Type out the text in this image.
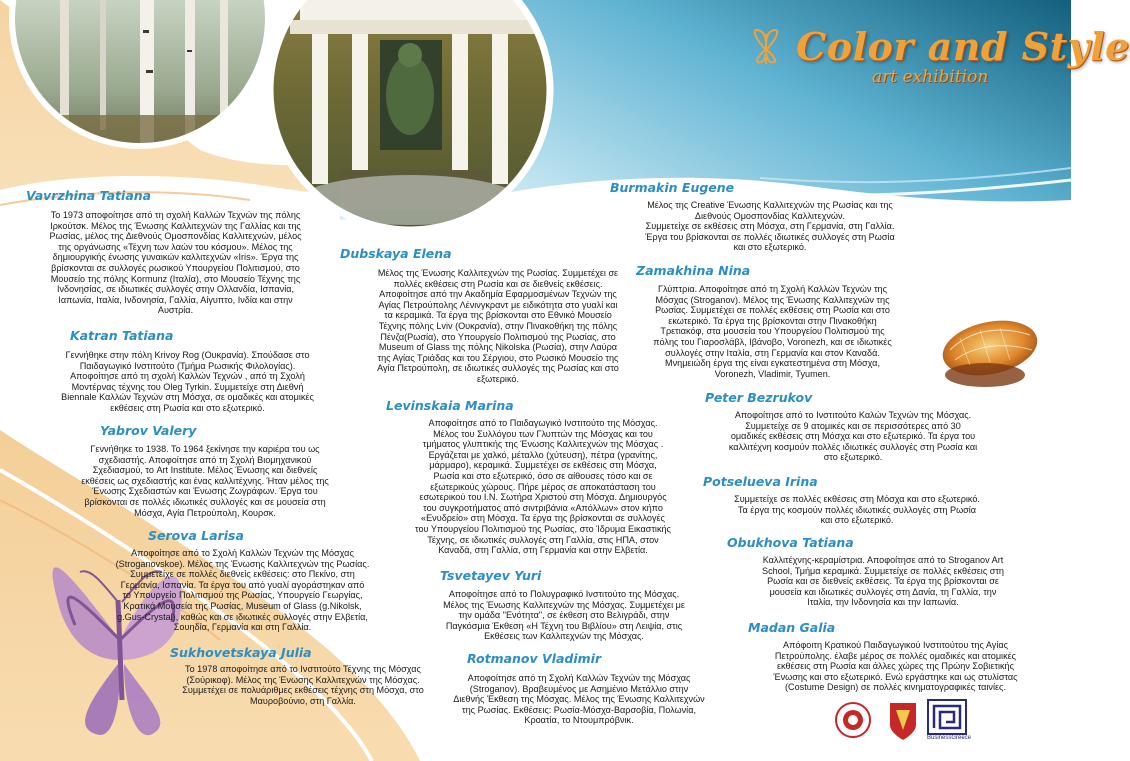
Color and Style
art exhibition
Vavrzhina Tatiana
Το 1973 αποφοίτησε από τη σχολή Καλλών Τεχνών της πόλης
Ιρκούτσκ. Μέλος της Ένωσης Καλλιτεχνών της Γαλλίας και της
Ρωσίας, μέλος της Διεθνούς Ομοσπονδίας Καλλιτεχνών, μέλος
της οργάνωσης «Τέχνη των λαών του κόσμου». Μέλος της
δημιουργικής ένωσης γυναικών καλλιτεχνών «Iris». Έργα της
βρίσκονται σε συλλογές ρωσικού Υπουργείου Πολιτισμού, στο
Μουσείο της πόλης Kormunz (Ιταλία), στο Μουσείο Τέχνης της
Ινδονησίας, σε ιδιωτικές συλλογές στην Ολλανδία, Ισπανία,
Ιαπωνία, Ιταλία, Ινδονησία, Γαλλία, Αίγυπτο, Ινδία και στην
Αυστρία.
Katran Tatiana
Γεννήθηκε στην πόλη Krivoy Rog (Ουκρανία). Σπούδασε στο
Παιδαγωγικό Ινστιτούτο (Τμήμα Ρωσικής Φιλολογίας).
Αποφοίτησε από τη σχολή Καλλών Τεχνών , από τη Σχολή
Μοντέρνας τέχνης του Oleg Tyrkin. Συμμετείχε στη Διεθνή
Biennale Καλλών Τεχνών στη Μόσχα, σε ομαδικές και ατομικές
εκθέσεις στη Ρωσία και στο εξωτερικό.
Yabrov Valery
Γεννήθηκε το 1938. Το 1964 ξεκίνησε την καριέρα του ως
σχεδιαστής. Αποφοίτησε από τη Σχολή Βιομηχανικού
Σχεδιασμού, το Art Institute. Μέλος Ένωσης και διεθνείς
εκθέσεις ως σχεδιαστής και ένας καλλιτέχνης. Ήταν μέλος της
Ένωσης Σχεδιαστών και Ένωσης Ζωγράφων. Έργα του
βρίσκονται σε πολλές ιδιωτικές συλλογές και σε μουσεία στη
Μόσχα, Αγία Πετρούπολη, Κουρσκ.
Serova Larisa
Αποφοίτησε από το Σχολή Καλλών Τεχνών της Μόσχας
(Stroganovskoe). Μέλος της Ένωσης Καλλιτεχνών της Ρωσίας.
Συμμετείχε σε πολλές διεθνείς εκθέσεις: στο Πεκίνο, στη
Γερμανία, Ισπανία. Τα έργα του από γυαλί αγοράστηκαν από
το Υπουργείο Πολιτισμού της Ρωσίας, Υπουργείο Γεωργίας,
Κρατικά Μουσεία της Ρωσίας, Museum of Glass (g.Nikolsk,
g.Gus-Crystal), καθώς και σε ιδιωτικές συλλογές στην Ελβετία,
Σουηδία, Γερμανία και στη Γαλλία.
Sukhovetskaya Julia
Το 1978 αποφοίτησε από το Ινστιτούτο Τέχνης της Μόσχας
(Σούρικοφ). Μέλος της Ένωσης Καλλιτεχνών της Μόσχας.
Συμμετέχει σε πολυάριθμες εκθέσεις τέχνης στη Μόσχα, στο
Μαυροβούνιο, στη Γαλλία.
Dubskaya Elena
Μέλος της Ένωσης Καλλιτεχνών της Ρωσίας. Συμμετέχει σε
πολλές εκθέσεις στη Ρωσία και σε διεθνείς εκθέσεις.
Αποφοίτησε από την Ακαδημία Εφαρμοσμένων Τεχνών της
Αγίας Πετρούπολης Λένινγκραντ με ειδικότητα στο γυαλί και
τα κεραμικά. Τα έργα της βρίσκονται στο Εθνικό Μουσείο
Τέχνης πόλης Lviv (Ουκρανία), στην Πινακοθήκη της πόλης
Πένζα(Ρωσία), στο Υπουργείο Πολιτισμού της Ρωσίας, στο
Museum of Glass της πόλης Nikolska (Ρωσία), στην Λαύρα
της Αγίας Τριάδας και του Σέργιου, στο Ρωσικό Μουσείο της
Αγία Πετρούπολη, σε ιδιωτικές συλλογές της Ρωσίας και στο
εξωτερικό.
Levinskaia Marina
Αποφοίτησε από το Παιδαγωγικό Ινστιτούτο της Μόσχας.
Μέλος του Συλλόγου των Γλυπτών της Μόσχας και του
τμήματος γλυπτικής της Ένωσης Καλλιτεχνών της Μόσχας .
Εργάζεται με χαλκό, μέταλλο (χύτευση), πέτρα (γρανίτης,
μάρμαρο), κεραμικά. Συμμετέχει σε εκθέσεις στη Μόσχα,
Ρωσία και στο εξωτερικό, όσο σε αίθουσες τόσο και σε
εξωτερικούς χώρους. Πήρε μέρος σε αποκατάσταση του
εσωτερικού του Ι.Ν. Σωτήρα Χριστού στη Μόσχα. Δημιουργός
του συγκροτήματος από σιντριβάνια «Απόλλων» στον κήπο
«Ενυδρείο» στη Μόσχα. Τα έργα της βρίσκονται σε συλλογές
του Υπουργείου Πολιτισμού της Ρωσίας, στο Ίδρυμα Εικαστικής
Τέχνης, σε ιδιωτικές συλλογές στη Γαλλία, στις ΗΠΑ, στον
Καναδά, στη Γαλλία, στη Γερμανία και στην Ελβετία.
Tsvetayev Yuri
Αποφοίτησε από το Πολυγραφικό Ινστιτούτο της Μόσχας.
Μέλος της Ένωσης Καλλιτεχνών της Μόσχας. Συμμετέχει με
την ομάδα "Ενότητα", σε έκθεση στο Βελιγράδι, στην
Παγκόσμια Έκθεση «Η Τέχνη του Βιβλίου» στη Λειψία, στις
Εκθέσεις των Καλλιτεχνών της Μόσχας.
Rotmanov Vladimir
Αποφοίτησε από τη Σχολή Καλλών Τεχνών της Μόσχας
(Stroganov). Βραβευμένος με Ασημένιο Μετάλλιο στην
Διεθνής Έκθεση της Μόσχας. Μέλος της Ένωσης Καλλιτεχνών
της Ρωσίας. Εκθέσεις: Ρωσία-Μόσχα-Βαρσοβία, Πολωνία,
Κροατία, το Ντουμπρόβνικ.
Burmakin Eugene
Μέλος της Creative Ένωσης Καλλιτεχνών της Ρωσίας και της
Διεθνούς Ομοσπονδίας Καλλιτεχνών.
Συμμετείχε σε εκθέσεις στη Μόσχα, στη Γερμανία, στη Γαλλία.
Έργα του βρίσκονται σε πολλές ιδιωτικές συλλογές στη Ρωσία
και στο εξωτερικό.
Zamakhina Nina
Γλύπτρια. Αποφοίτησε από τη Σχολή Καλλών Τεχνών της
Μόσχας (Stroganov). Μέλος της Ένωσης Καλλιτεχνών της
Ρωσίας. Συμμετέχει σε πολλές εκθέσεις στη Ρωσία και στο
εκωτερικό. Τα έργα της βρίσκονται στην Πινακοθήκη
Τρετιακόφ, στα μουσεία του Υπουργείου Πολιτισμού της
πόλης του Γιαροσλάβλ, Ιβάνοβο, Voronezh, και σε ιδιωτικές
συλλογές στην Ιταλία, στη Γερμανία και στον Καναδά.
Μνημειώδη έργα της είναι εγκατεστημένα στη Μόσχα,
Voronezh, Vladimir, Tyumen.
Peter Bezrukov
Αποφοίτησε από το Ινστιτούτο Καλών Τεχνών της Μόσχας.
Συμμετείχε σε 9 ατομικές και σε περισσότερες από 30
ομαδικές εκθέσεις στη Μόσχα και στο εξωτερικό. Τα έργα του
καλλιτέχνη κοσμούν πολλές ιδιωτικές συλλογές στη Ρωσία και
στο εξωτερικό.
Potselueva Irina
Συμμετείχε σε πολλές εκθέσεις στη Μόσχα και στο εξωτερικό.
Τα έργα της κοσμούν πολλές ιδιωτικές συλλογές στη Ρωσία
και στο εξωτερικό.
Obukhova Tatiana
Καλλιτέχνης-κεραμίστρια. Αποφοίτησε από το Stroganov Art
School, Τμήμα κεραμικά. Συμμετείχε σε πολλές εκθέσεις στη
Ρωσία και σε διεθνείς εκθέσεις. Τα έργα της βρίσκονται σε
μουσεία και ιδιωτικές συλλογές στη Δανία, τη Γαλλία, την
Ιταλία, την Ινδονησία και την Ιαπωνία.
Madan Galia
Απόφοιτη Κρατικού Παιδαγωγικού Ινστιτούτου της Αγίας
Πετρούπολης. έλαβε μέρος σε πολλές ομαδικές και ατομικές
εκθέσεις στη Ρωσία και άλλες χώρες της Πρώην Σοβιετικής
Ένωσης και στο εξωτερικό. Ενώ εργάστηκε και ως στυλίστας
(Costume Design) σε πολλές κινηματογραφικές ταινίες.
BusinessGreece
